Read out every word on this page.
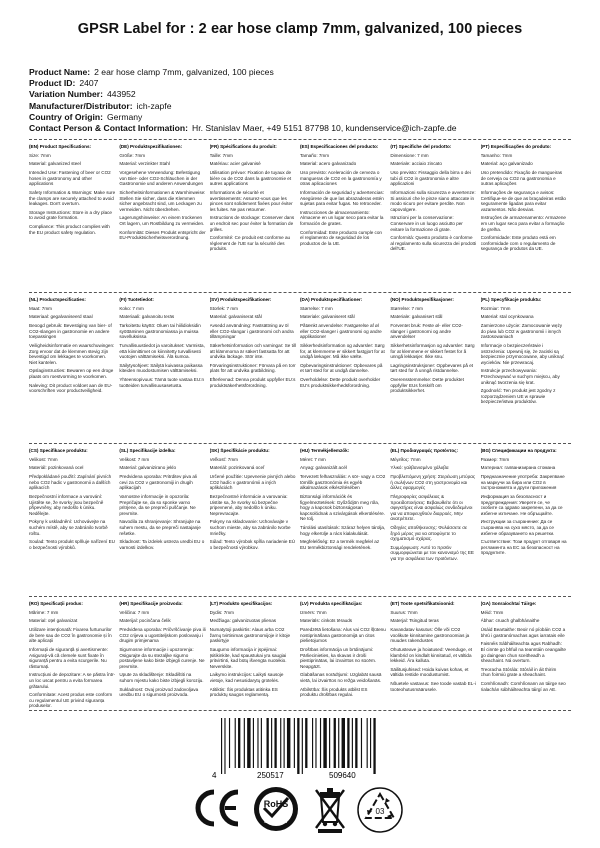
GPSR Label for : 2 ear hose clamp 7mm, galvanized, 100 pieces
Product Name: 2 ear hose clamp 7mm, galvanized, 100 pieces
Product ID: 2407
Variation Number: 443952
Manufacturer/Distributor: ich-zapfe
Country of Origin: Germany
Contact Person & Contact Information: Hr. Stanislav Maer, +49 5151 87798 10, kundenservice@ich-zapfe.de
(EN) Product Specifications:
Size: 7mm
Material: galvanized steel
Intended Use: Fastening of beer or CO2 hoses in gastronomy and other applications
Safety Information & Warnings: Make sure the clamps are securely attached to avoid leakages. Don't overturn.
Storage Instructions: Store in a dry place to avoid grate formation.
Compliance: This product complies with the EU product safety regulation.
(DE) Produktspezifikationen:
Größe: 7mm
Material: verzinkter Stahl
Vorgesehene Verwendung: Befestigung von Bier- oder CO2-Schläuchen in der Gastronomie und anderen Anwendungen
Sicherheitsinformationen & Warnhinweise: Stellen Sie sicher, dass die Klemmen sicher angebracht sind, um Leckagen zu vermeiden. Nicht überdrehen.
Lagerungshinweise: An einem trockenen Ort lagern, um Rostbildung zu vermeiden.
Konformität: Dieses Produkt entspricht der EU-Produktsicherheitsverordnung.
(FR) Spécifications du produit:
Taille: 7mm
Matériau: acier galvanisé
Utilisation prévue: Fixation de tuyaux de bière ou de CO2 dans la gastronomie et autres applications
Informations de sécurité et avertissements: Assurez-vous que les pinces sont solidement fixées pour éviter les fuites. Ne pas retourner.
Instructions de stockage: Conserver dans un endroit sec pour éviter la formation de grilles.
Conformité: Ce produit est conforme au règlement de l'UE sur la sécurité des produits.
(ES) Especificaciones del producto:
Tamaño: 7mm
Material: acero galvanizado
Uso previsto: Aceleración de cerveza o mangueras de CO2 en la gastronomía y otras aplicaciones
Información de seguridad y advertencias: Asegúrese de que las abrazaderas estén sujetas para evitar fugas. No retroceder.
Instrucciones de almacenamiento: Almacene en un lugar seco para evitar la formación de grates.
Conformidad: Este producto cumple con el reglamento de seguridad de los productos de la UE.
(IT) Specifiche del prodotto:
Dimensione: 7 mm
Materiale: acciaio zincato
Uso previsto: Fissaggio della birra o dei tubi di CO2 in gastronomia e altre applicazioni
Informazioni sulla sicurezza e avvertenze: Si assicuri che le pinze siano attaccate in modo sicuro per evitare perdite. Non capovolgere.
Istruzioni per la conservazione: Conservare in un luogo asciutto per evitare la formazione di grate.
Conformità: Questo prodotto è conforme al regolamento sulla sicurezza dei prodotti dell'UE.
(PT) Especificações do produto:
Tamanho: 7mm
Material: aço galvanizado
Uso pretendido: Fixação de mangueiras de cerveja ou CO2 na gastronomia e outras aplicações
Informações de segurança e avisos: Certifique-se de que as braçadeiras estão seguramente ligadas para evitar vazamentos. Não desvias.
Instruções de armazenamento: Armazene em um lugar seco para evitar a formação de grelha.
Conformidade: Este produto está em conformidade com o regulamento de segurança de produtos da UE.
(NL) Productspecificaties:
Maat: 7mm
Materiaal: gegalvaniseerd staal
Beoogd gebruik: Bevestiging van bier- of CO2-slangen in gastronomie en andere toepassingen
Veiligheidsinformatie en waarschuwingen: Zorg ervoor dat de klemmen stevig zijn bevestigd om lekkages te voorkomen. Niet kantelen.
Opslaginstructies: Bewaren op een droge plaats om roestvorming te voorkomen.
Naleving: Dit product voldoet aan de EU-voorschriften voor productveiligheid.
(FI) Tuotetiedot:
Koko: 7 mm
Materiaali: galvanoitu teräs
Tarkoitettu käyttö: Oluen tai hiilidioksidin syöttäminen gastronomiassa ja muissa sovelluksissa
Turvallisuustiedot ja varoitukset: Varmista, että kiinnittimet on kiinnitetty turvallisesti vuotojen välttämiseksi. Älä kumoa.
Säilytysohjeet: Säilytä kuivassa paikassa kiteiden muodostumisen välttämiseksi.
Yhteensopivuus: Tämä tuote vastaa EU:n tuotteiden turvallisuusasetusta.
(SV) Produktspecifikationer:
Storlek: 7 mm
Material: galvaniserat stål
Avsedd användning: Fastsättning av öl eller CO2-slangar i gastronomi och andra tillämpningar
Säkerhetsinformation och varningar: Se till att klämmorna är säkert fastsatta för att undvika läckage. Stör inte.
Förvaringsinstruktioner: Förvara på en torr plats för att undvika gratbildning.
Efterlevnad: Denna produkt uppfyller EU:s produktsäkerhetsförordning.
(DA) Produktspecifikationer:
Størrelse: 7 mm
Materiale: galvaniseret stål
Påtænkt anvendelse: Fastgørelse af øl eller CO2-slanger i gastronomi og andre applikationer
Sikkerhedsinformation og advarsler: Sørg for, at klemmerne er sikkert fastgjort for at undgå lækager. Må ikke vælte.
Opbevaringsinstruktioner: Opbevares på et tørt sted for at undgå dannelse.
Overholdelse: Dette produkt overholder EU's produktsikkerhedsforordning.
(NO) Produktspesifikasjoner:
Størrelse: 7 mm
Materiale: galvanisert stål
Forventet bruk: Feste øl- eller CO2-slanger i gastronomi og andre anvendelser
Sikkerhetsinformasjon og advarsler: Sørg for at klemmene er sikkert festet for å unngå lekkasjer. Ikke snu.
Lagringsinstruksjoner: Oppbevares på et tørt sted for å unngå ristdannelse.
Overensstemmelse: Dette produktet oppfyller EUs forskrift om produktsikkerhet.
(PL) Specyfikacje produktu:
Rozmiar: 7mm
Materiał: stal ocynkowana
Zamierzone użycie: Zamocowanie węży do piwa lub CO2 w gastronomii i innych zastosowaniach
Informacje o bezpieczeństwie i ostrzeżenia: Upewnij się, że zaciski są bezpiecznie przymocowane, aby uniknąć wycieków. Nie przewracaj.
Instrukcje przechowywania: Przechowywać w suchym miejscu, aby uniknąć tworzenia się krat.
Zgodność: Ten produkt jest zgodny z rozporządzeniem UE w sprawie bezpieczeństwa produktów.
(CS) Specifikace produktu:
Velikost: 7mm
Materiál: pozinkovaná ocel
Předpokládané použití: Zapínání pivních nebo CO2 hadic v gastronomii a dalších aplikacích
Bezpečnostní informace a varování: Ujistěte se, že svorky jsou bezpečně připevněny, aby nedošlo k úniku. Nedělejte.
Pokyny k uskladnění: Uchovávejte na suchém místě, aby se zabránilo tvorbě roštu.
Soulad: Tento produkt splňuje nařízení EU o bezpečnosti výrobků.
(SL) Specifikacije izdelka:
Velikost: 7 mm
Material: galvanizirano jeklo
Predvidena uporaba: Pritrditev piva ali cevi za CO2 v gastronomiji in drugih aplikacijah
Varnostne informacije in opozorila: Prepričajte se, da so sponke varno pritrjene, da se prepreči puščanje. Ne prevrnite.
Navodila za shranjevanje: Shranjujte na suhem mestu, da se prepreči nastajanje rešetke.
Skladnost: Ta izdelek ustreza uredbi EU o varnosti izdelkov.
(SK) Špecifikácie produktu:
Veľkosť: 7mm
Materiál: pozinkovaná oceľ
Určené použitie: Upevnenie pivných alebo CO2 hadíc v gastronómii a iných aplikáciách
Bezpečnostné informácie a varovania: Uistite sa, že svorky sú bezpečne pripevnené, aby nedošlo k úniku. Neprevracajte.
Pokyny na skladovanie: Uchovávajte v suchom mieste, aby sa zabránilo tvorbe mriežky.
Súlad: Tento výrobok spĺňa nariadenie EÚ o bezpečnosti výrobkov.
(HU) Termékjellemzők:
Méret: 7 mm
Anyag: galvanizált acél
Tervezett felhasználás: A sör- vagy a CO2 tömlők gasztronómia és egyéb alkalmazások elkészítésében
Biztonsági információk és figyelmeztetések: Győződjön meg róla, hogy a kapcsok biztonságosan kapcsolódnak a szivárgások elkerülésére. Ne tolj.
Tárolási utasítások: Száraz helyen tárolja, hogy elkerülje a rács kialakulását.
Megfelelőség: Ez a termék megfelel az EU termékbiztonsági rendeletének.
(EL) Προδιαγραφές προϊόντος:
Μέγεθος: 7mm
Υλικό: γαλβανισμένο χάλυβα
Προβλεπόμενη χρήση: Στερέωση μπύρας ή σωλήνων CO2 στη γαστρονομία και άλλες εφαρμογές
Πληροφορίες ασφάλειας & προειδοποιήσεις: Βεβαιωθείτε ότι οι σφιγκτήρες είναι ασφαλώς συνδεδεμένοι για να αποφευχθούν διαρροές. Μην ανατρέπετε.
Οδηγίες αποθήκευσης: Φυλάσσετε σε ξηρό μέρος για να αποφύγετε το σχηματισμό σχάρας.
Συμμόρφωση: Αυτό το προϊόν συμμορφώνεται με τον κανονισμό της ΕΕ για την ασφάλεια των προϊόντων.
(BG) Спецификации на продукта:
Размер: 7mm
Материал: галванизирана стомана
Предназначение употреба: Закрепване на маркучи за бира или CO2 в гастрономията и други приложения
Информация за безопасност и предупреждения: Уверете се, че скобите са здраво закрепени, за да се избегне изтичане. Не обръщайте.
Инструкции за съхранение: Да се съхранява на сухо място, за да се избегне образуването на решетки.
Съответствие: Този продукт отговаря на регламента на ЕС за безопасност на продуктите.
(RO) Specificații produs:
Mărime: 7 mm
Material: oțel galvanizat
Utilizare intenționată: Fixarea furtunurilor de bere sau de CO2 în gastronomie și în alte aplicații
Informații de siguranță și avertismente: Asigurați-vă că clemele sunt fixate în siguranță pentru a evita scurgerile. Nu răsturnați.
Instrucțiuni de depozitare: A se păstra într-un loc uscat pentru a evita formarea grătarului.
Conformitate: Acest produs este conform cu regulamentul UE privind siguranța produselor.
(HR) Specifikacije proizvoda:
Veličina: 7 mm
Materijal: pocinčana čelik
Predviđena uporaba: Pričvršćivanje piva ili CO2 crijeva u ugostiteljskom poslovanju i drugim primjenama
Sigurnosne informacije i upozorenja: Osigurajte da su stezaljke sigurno postavljene kako biste izbjegli curenje. Ne prevrnite.
Upute za skladištenje: Skladištiti na suhom mjestu kako biste izbjegli koroziju.
Sukladnost: Ovaj proizvod zadovoljava uredbu EU o sigurnosti proizvoda.
(LT) Produkto specifikacijos:
Dydis: 7mm
Medžiaga: galvanizuotas plienas
Numatytoji paskirtis: Alaus arba CO2 žarnų tvirtinimas gastronomijoje ir kitoje paskirtyje
Saugumo informacija ir įspėjimai: Įsitikinkite, kad spaustukai yra saugiai pritvirtinti, kad būtų išvengta nuotėkio. Neverskite.
Laikymo instrukcijos: Laikyti sausoje vietoje, kad nesusidarytų grotelės.
Atitiktis: Šis produktas atitinka ES produktų saugos reglamentą.
(LV) Produkta specifikācijas:
Izmērs: 7mm
Materiāls: cinkots tērauds
Paredzētā lietošana: Alus vai CO2 šļūtenu nostiprināšana gastronomijā un citos pielietojumos
Drošības informācija un brīdinājumi: Pārliecinieties, ka skavas ir droši piestiprinātas, lai izvairītos no sūcēm. Neapgāzt.
Glabāšanas norādījumi: Uzglabāt sausā vietā, lai izvairītos no režģa veidošanās.
Atbilstība: Šis produkts atbilst ES produktu drošības regulai.
(ET) Toote spetsifikatsioonid:
Suurus: 7mm
Materjal: Tsingitud teras
Kavandatav kasutus: Õlle või CO2 voolikute kinnitamine gastronoomias ja muudes rakendustes
Ohutusteave ja hoiatused: Veenduge, et klambrid on kindlalt kinnitatud, et vältida lekkeid. Ära kalluta.
Säilitusjuhised: Hoida kuivas kohas, et vältida restide moodustumist.
Nõuetele vastavus: See toode vastab EL-i tooteohutusmäärusele.
(GA) Sonraíochtaí Táirge:
Méid: 7mm
Ábhar: cruach ghalbhánaithe
Úsáid Beartaithe: Beoir nó píobáin CO2 a bhrú i gastranómachas agus iarratais eile
Faisnéis Sábháilteachta agus Rabhadh: Bí cinnte go bhfuil na teanntáin ceangailte go daingean chun sceitheadh a sheachaint. Ná overturn.
Treoracha Stórála: Stóráil in áit thirim chun foirmiú grate a sheachaint.
Comhlíonadh: Comhlíonann an táirge seo rialachán sábháilteachta táirgí an AE.
4	250517	509640
RoHS
COMPLIANT
03
